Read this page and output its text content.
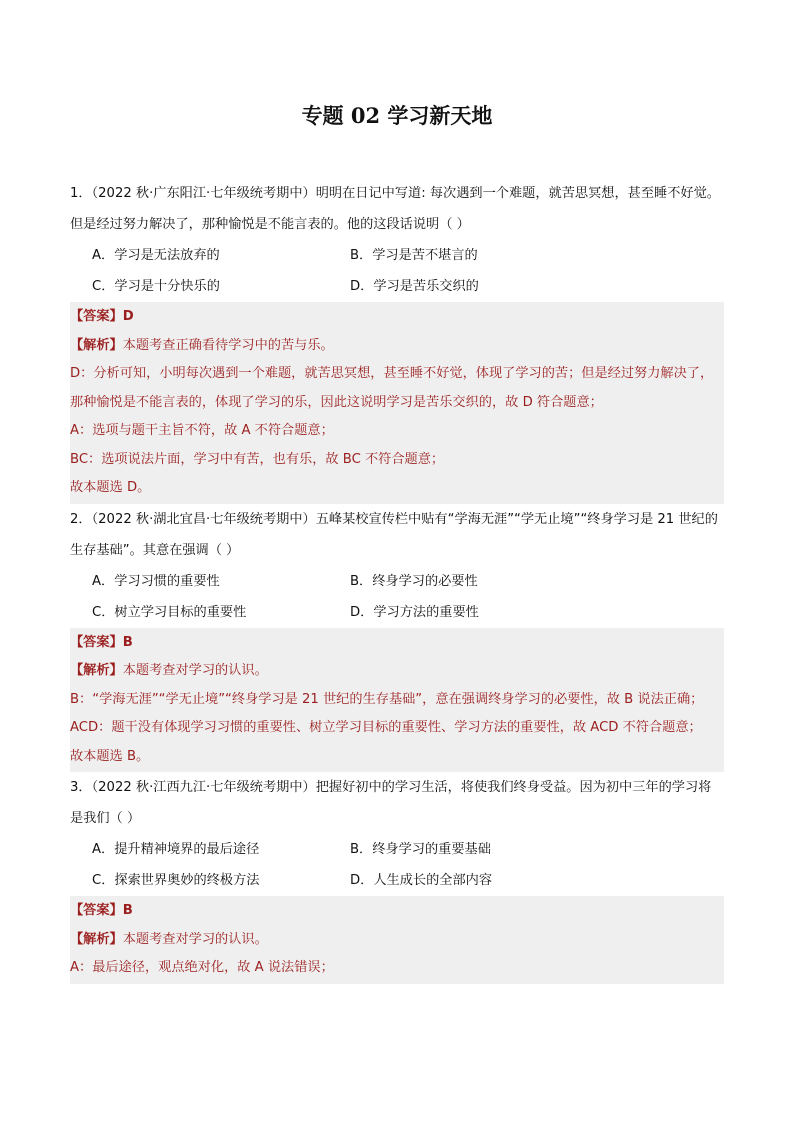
专题 02 学习新天地

1．（2022 秋·广东阳江·七年级统考期中）明明在日记中写道: 每次遇到一个难题，就苦思冥想，甚至睡不好觉。但是经过努力解决了，那种愉悦是不能言表的。他的这段话说明（ ）

A．学习是无法放弃的	B．学习是苦不堪言的
C．学习是十分快乐的	D．学习是苦乐交织的

【答案】D

【解析】本题考查正确看待学习中的苦与乐。

D：分析可知，小明每次遇到一个难题，就苦思冥想，甚至睡不好觉，体现了学习的苦；但是经过努力解决了，那种愉悦是不能言表的，体现了学习的乐，因此这说明学习是苦乐交织的，故 D 符合题意；

A：选项与题干主旨不符，故 A 不符合题意；

BC：选项说法片面，学习中有苦，也有乐，故 BC 不符合题意；

故本题选 D。

2．（2022 秋·湖北宜昌·七年级统考期中）五峰某校宣传栏中贴有“学海无涯”“学无止境”“终身学习是 21 世纪的生存基础”。其意在强调（ ）

A．学习习惯的重要性	B．终身学习的必要性
C．树立学习目标的重要性	D．学习方法的重要性

【答案】B

【解析】本题考查对学习的认识。

B：“学海无涯”“学无止境”“终身学习是 21 世纪的生存基础”，意在强调终身学习的必要性，故 B 说法正确；

ACD：题干没有体现学习习惯的重要性、树立学习目标的重要性、学习方法的重要性，故 ACD 不符合题意；

故本题选 B。

3．（2022 秋·江西九江·七年级统考期中）把握好初中的学习生活，将使我们终身受益。因为初中三年的学习将是我们（ ）

A．提升精神境界的最后途径	B．终身学习的重要基础
C．探索世界奥妙的终极方法	D．人生成长的全部内容

【答案】B

【解析】本题考查对学习的认识。

A：最后途径，观点绝对化，故 A 说法错误；
